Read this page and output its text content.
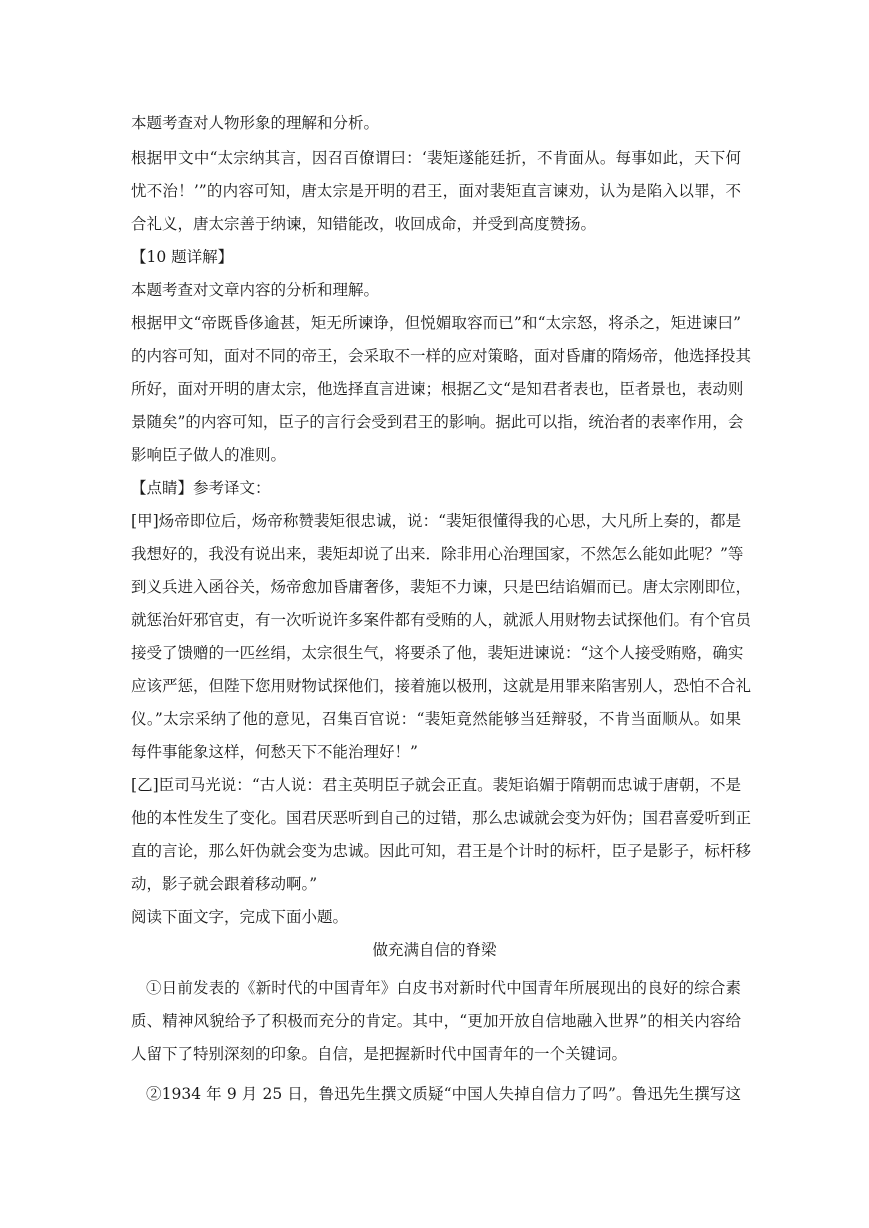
本题考查对人物形象的理解和分析。
根据甲文中“太宗纳其言，因召百僚谓曰：‘裴矩遂能廷折，不肯面从。每事如此，天下何
忧不治！’”的内容可知，唐太宗是开明的君王，面对裴矩直言谏劝，认为是陷入以罪，不
合礼义，唐太宗善于纳谏，知错能改，收回成命，并受到高度赞扬。
【10 题详解】
本题考查对文章内容的分析和理解。
根据甲文“帝既昏侈逾甚，矩无所谏诤，但悦媚取容而已”和“太宗怒，将杀之，矩进谏曰”
的内容可知，面对不同的帝王，会采取不一样的应对策略，面对昏庸的隋炀帝，他选择投其
所好，面对开明的唐太宗，他选择直言进谏；根据乙文“是知君者表也，臣者景也，表动则
景随矣”的内容可知，臣子的言行会受到君王的影响。据此可以指，统治者的表率作用，会
影响臣子做人的准则。
【点睛】参考译文：
[甲]炀帝即位后，炀帝称赞裴矩很忠诚，说：“裴矩很懂得我的心思，大凡所上奏的，都是
我想好的，我没有说出来，裴矩却说了出来．除非用心治理国家，不然怎么能如此呢？”等
到义兵进入函谷关，炀帝愈加昏庸奢侈，裴矩不力谏，只是巴结谄媚而已。唐太宗刚即位，
就惩治奸邪官吏，有一次听说许多案件都有受贿的人，就派人用财物去试探他们。有个官员
接受了馈赠的一匹丝绢，太宗很生气，将要杀了他，裴矩进谏说：“这个人接受贿赂，确实
应该严惩，但陛下您用财物试探他们，接着施以极刑，这就是用罪来陷害别人，恐怕不合礼
仪。”太宗采纳了他的意见，召集百官说：“裴矩竟然能够当廷辩驳，不肯当面顺从。如果
每件事能象这样，何愁天下不能治理好！”
[乙]臣司马光说：“古人说：君主英明臣子就会正直。裴矩谄媚于隋朝而忠诚于唐朝，不是
他的本性发生了变化。国君厌恶听到自己的过错，那么忠诚就会变为奸伪；国君喜爱听到正
直的言论，那么奸伪就会变为忠诚。因此可知，君王是个计时的标杆，臣子是影子，标杆移
动，影子就会跟着移动啊。”
阅读下面文字，完成下面小题。
做充满自信的脊梁
①日前发表的《新时代的中国青年》白皮书对新时代中国青年所展现出的良好的综合素
质、精神风貌给予了积极而充分的肯定。其中，“更加开放自信地融入世界”的相关内容给
人留下了特别深刻的印象。自信，是把握新时代中国青年的一个关键词。
②1934 年 9 月 25 日，鲁迅先生撰文质疑“中国人失掉自信力了吗”。鲁迅先生撰写这
